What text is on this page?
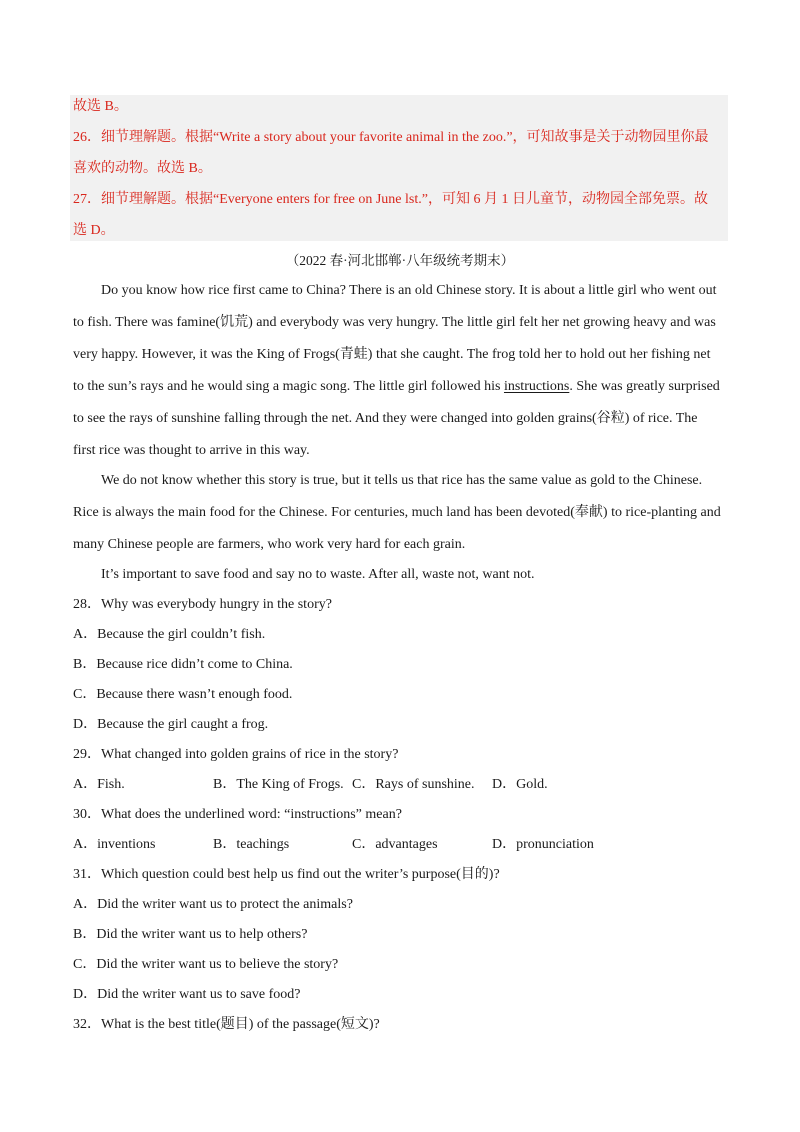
故选 B。
26．细节理解题。根据“Write a story about your favorite animal in the zoo.”，可知故事是关于动物园里你最
喜欢的动物。故选 B。
27．细节理解题。根据“Everyone enters for free on June lst.”，可知 6 月 1 日儿童节，动物园全部免票。故
选 D。
（2022 春·河北邯郸·八年级统考期末）
Do you know how rice first came to China? There is an old Chinese story. It is about a little girl who went out
to fish. There was famine(饥荒) and everybody was very hungry. The little girl felt her net growing heavy and was
very happy. However, it was the King of Frogs(青蛙) that she caught. The frog told her to hold out her fishing net
to the sun’s rays and he would sing a magic song. The little girl followed his instructions. She was greatly surprised
to see the rays of sunshine falling through the net. And they were changed into golden grains(谷粒) of rice. The
first rice was thought to arrive in this way.
We do not know whether this story is true, but it tells us that rice has the same value as gold to the Chinese.
Rice is always the main food for the Chinese. For centuries, much land has been devoted(奉献) to rice-planting and
many Chinese people are farmers, who work very hard for each grain.
It’s important to save food and say no to waste. After all, waste not, want not.
28．Why was everybody hungry in the story?
A．Because the girl couldn’t fish.
B．Because rice didn’t come to China.
C．Because there wasn’t enough food.
D．Because the girl caught a frog.
29．What changed into golden grains of rice in the story?
A．Fish.	B．The King of Frogs. C．Rays of sunshine. D．Gold.
30．What does the underlined word: “instructions” mean?
A．inventions	B．teachings	C．advantages	D．pronunciation
31．Which question could best help us find out the writer’s purpose(目的)?
A．Did the writer want us to protect the animals?
B．Did the writer want us to help others?
C．Did the writer want us to believe the story?
D．Did the writer want us to save food?
32．What is the best title(题目) of the passage(短文)?
